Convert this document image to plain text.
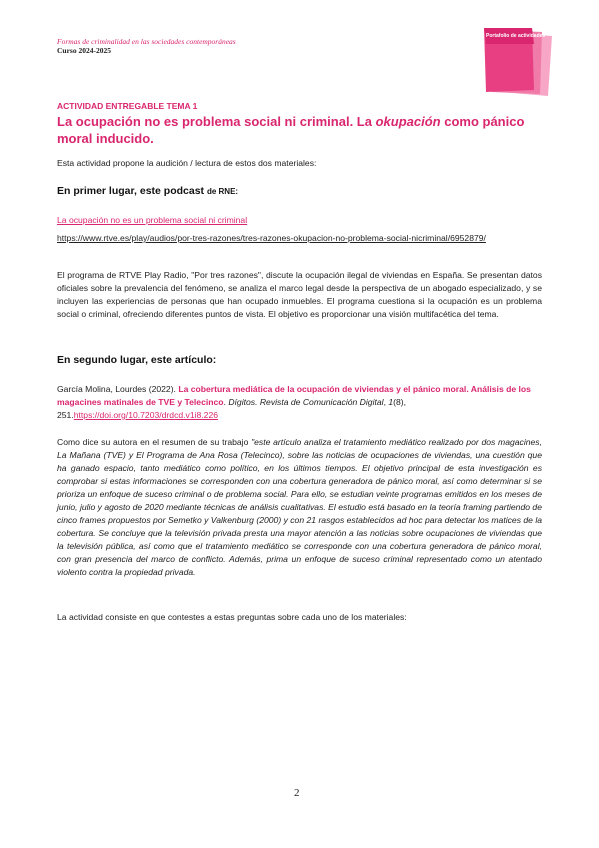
Formas de criminalidad en las sociedades contemporáneas
Curso 2024-2025
Portafolio de actividades
ACTIVIDAD ENTREGABLE TEMA 1
La ocupación no es problema social ni criminal. La okupación como pánico moral inducido.
Esta actividad propone la audición / lectura de estos dos materiales:
En primer lugar, este podcast de RNE:
La ocupación no es un problema social ni criminal
https://www.rtve.es/play/audios/por-tres-razones/tres-razones-okupacion-no-problema-social-nicriminal/6952879/
El programa de RTVE Play Radio, "Por tres razones", discute la ocupación ilegal de viviendas en España. Se presentan datos oficiales sobre la prevalencia del fenómeno, se analiza el marco legal desde la perspectiva de un abogado especializado, y se incluyen las experiencias de personas que han ocupado inmuebles. El programa cuestiona si la ocupación es un problema social o criminal, ofreciendo diferentes puntos de vista. El objetivo es proporcionar una visión multifacética del tema.
En segundo lugar, este artículo:
García Molina, Lourdes (2022). La cobertura mediática de la ocupación de viviendas y el pánico moral. Análisis de los magacines matinales de TVE y Telecinco. Dígitos. Revista de Comunicación Digital, 1(8), 251.https://doi.org/10.7203/drdcd.v1i8.226
Como dice su autora en el resumen de su trabajo "este artículo analiza el tratamiento mediático realizado por dos magacines, La Mañana (TVE) y El Programa de Ana Rosa (Telecinco), sobre las noticias de ocupaciones de viviendas, una cuestión que ha ganado espacio, tanto mediático como político, en los últimos tiempos. El objetivo principal de esta investigación es comprobar si estas informaciones se corresponden con una cobertura generadora de pánico moral, así como determinar si se prioriza un enfoque de suceso criminal o de problema social. Para ello, se estudian veinte programas emitidos en los meses de junio, julio y agosto de 2020 mediante técnicas de análisis cualitativas. El estudio está basado en la teoría framing partiendo de cinco frames propuestos por Semetko y Valkenburg (2000) y con 21 rasgos establecidos ad hoc para detectar los matices de la cobertura. Se concluye que la televisión privada presta una mayor atención a las noticias sobre ocupaciones de viviendas que la televisión pública, así como que el tratamiento mediático se corresponde con una cobertura generadora de pánico moral, con gran presencia del marco de conflicto. Además, prima un enfoque de suceso criminal representado como un atentado violento contra la propiedad privada.
La actividad consiste en que contestes a estas preguntas sobre cada uno de los materiales:
2
